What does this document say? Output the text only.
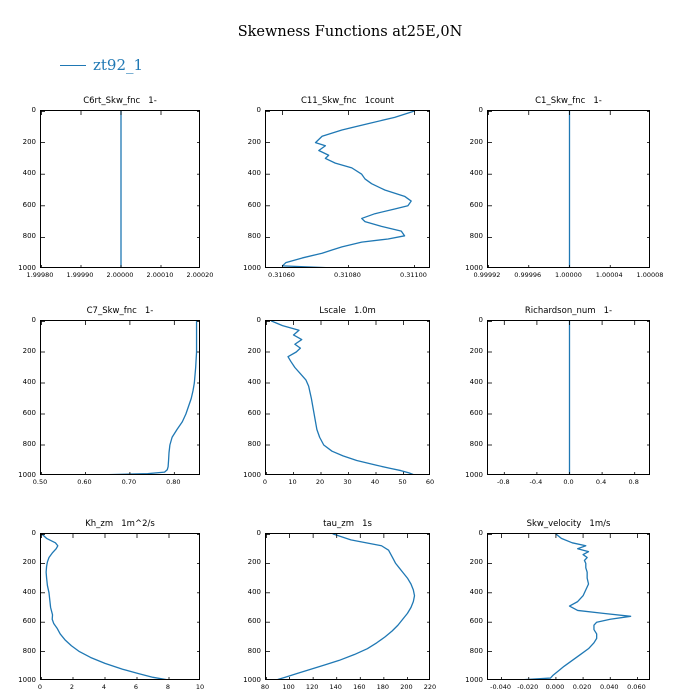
Skewness Functions at25E,0N
zt92_1
C6rt_Skw_fnc   1-
0
200
400
600
800
1000
1.99980 1.99990 2.00000 2.00010 2.00020
C11_Skw_fnc   1count
0
200
400
600
800
1000
0.31060	0.31080	0.31100
C1_Skw_fnc   1-
0
200
400
600
800
1000
0.99992 0.99996 1.00000 1.00004 1.00008
C7_Skw_fnc   1-
0
200
400
600
800
1000
0.50	0.60	0.70	0.80
Lscale   1.0m
0
200
400
600
800
1000
0	10	20	30	40	50	60
Richardson_num   1-
0
200
400
600
800
1000
-0.8	-0.4	0.0	0.4	0.8
Kh_zm   1m^2/s
0
200
400
600
800
1000
0	2	4	6	8	10
tau_zm   1s
0
200
400
600
800
1000
80 100 120 140 160 180 200 220
Skw_velocity   1m/s
0
200
400
600
800
1000
-0.040 -0.020 0.000 0.020 0.040 0.060
